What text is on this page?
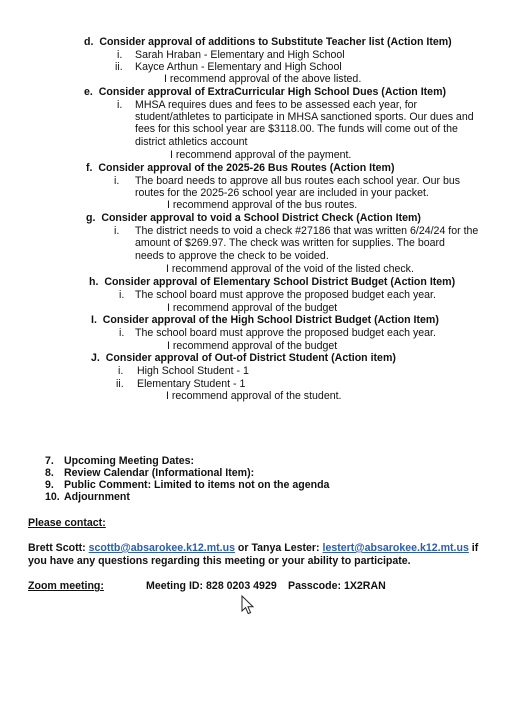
d. Consider approval of additions to Substitute Teacher list (Action Item)
i. Sarah Hraban - Elementary and High School
ii. Kayce Arthun - Elementary and High School
I recommend approval of the above listed.
e. Consider approval of ExtraCurricular High School Dues (Action Item)
i. MHSA requires dues and fees to be assessed each year, for
student/athletes to participate in MHSA sanctioned sports. Our dues and
fees for this school year are $3118.00. The funds will come out of the
district athletics account
I recommend approval of the payment.
f. Consider approval of the 2025-26 Bus Routes (Action Item)
i. The board needs to approve all bus routes each school year. Our bus
routes for the 2025-26 school year are included in your packet.
I recommend approval of the bus routes.
g. Consider approval to void a School District Check (Action Item)
i. The district needs to void a check #27186 that was written 6/24/24 for the
amount of $269.97. The check was written for supplies. The board
needs to approve the check to be voided.
I recommend approval of the void of the listed check.
h. Consider approval of Elementary School District Budget (Action Item)
i. The school board must approve the proposed budget each year.
I recommend approval of the budget
I. Consider approval of the High School District Budget (Action Item)
i. The school board must approve the proposed budget each year.
I recommend approval of the budget
J. Consider approval of Out-of District Student (Action item)
i. High School Student - 1
ii. Elementary Student - 1
I recommend approval of the student.
7. Upcoming Meeting Dates:
8. Review Calendar (Informational Item):
9. Public Comment: Limited to items not on the agenda
10. Adjournment
Please contact:
Brett Scott: scottb@absarokee.k12.mt.us or Tanya Lester: lestert@absarokee.k12.mt.us if
you have any questions regarding this meeting or your ability to participate.
Zoom meeting:	Meeting ID: 828 0203 4929 Passcode: 1X2RAN
